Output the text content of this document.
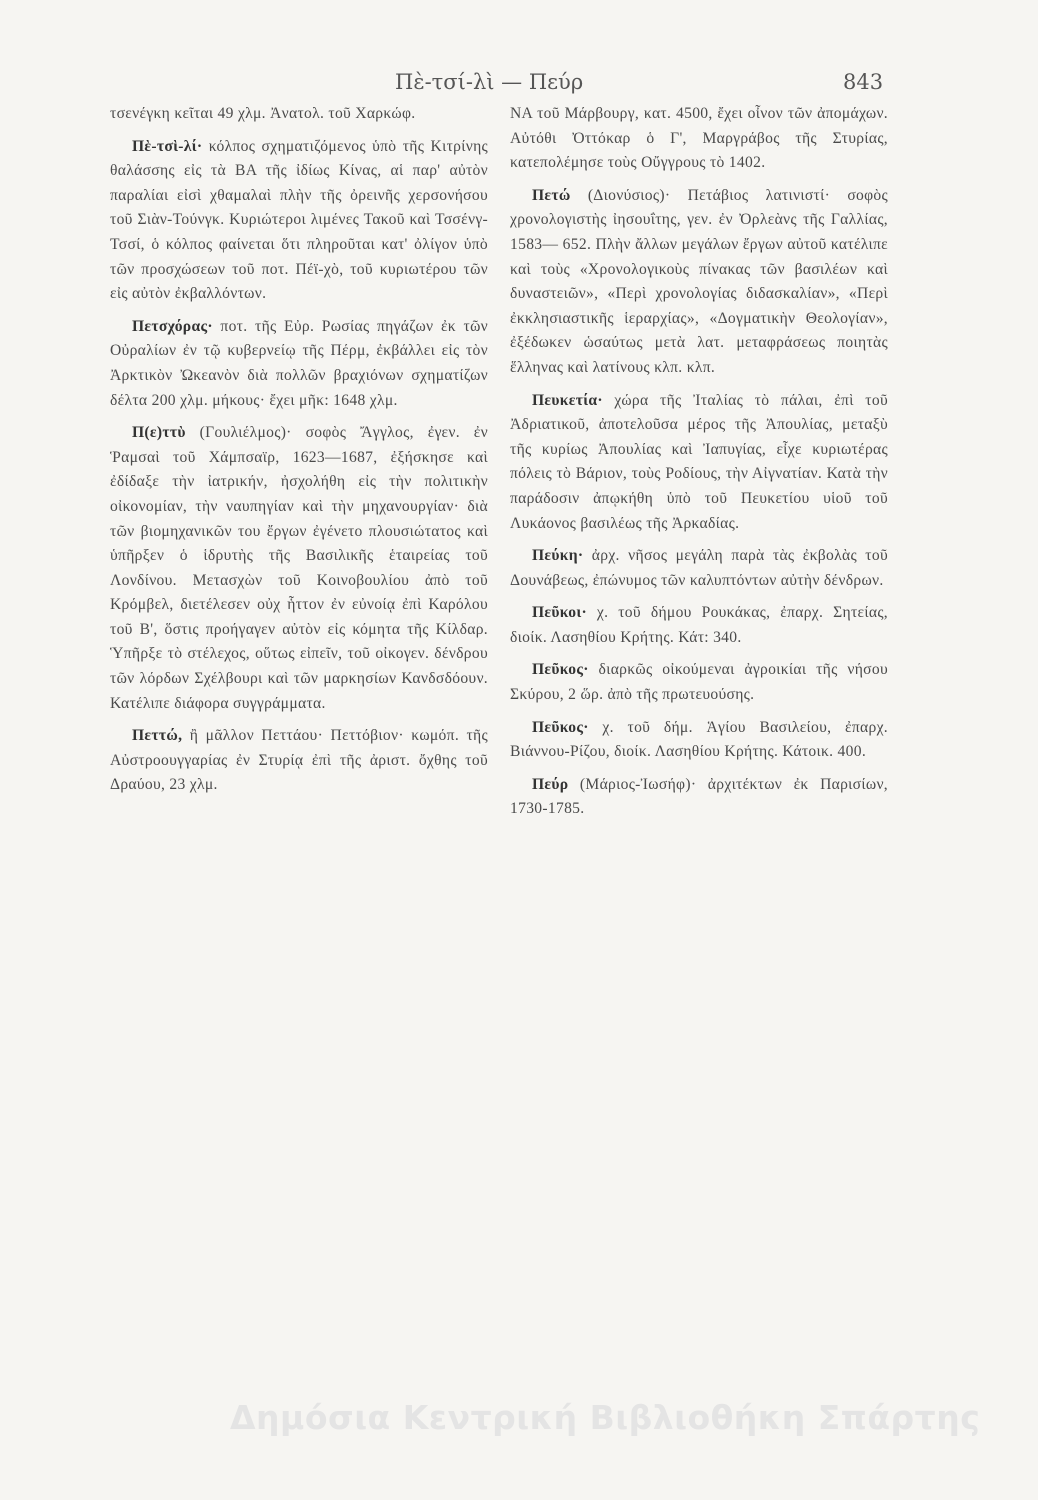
Πὲ-τσί-λὶ — Πεύρ	843

τσενέγκη κεῖται 49 χλμ. Ἀνατολ. τοῦ Χαρκώφ.

Πὲ-τσὶ-λί· κόλπος σχηματιζόμενος ὑπὸ τῆς Κιτρίνης θαλάσσης εἰς τὰ ΒΑ τῆς ἰδίως Κίνας, αἱ παρ' αὐτὸν παραλίαι εἰσὶ χθαμαλαὶ πλὴν τῆς ὀρεινῆς χερσονήσου τοῦ Σιὰν-Τούνγκ. Κυριώτεροι λιμένες Τακοῦ καὶ Τσσένγ-Τσσί, ὁ κόλπος φαίνεται ὅτι πληροῦται κατ' ὀλίγον ὑπὸ τῶν προσχώσεων τοῦ ποτ. Πέϊ-χὸ, τοῦ κυριωτέρου τῶν εἰς αὐτὸν ἐκβαλλόντων.

Πετσχόρας· ποτ. τῆς Εὐρ. Ρωσίας πηγάζων ἐκ τῶν Οὐραλίων ἐν τῷ κυβερνείῳ τῆς Πέρμ, ἐκβάλλει εἰς τὸν Ἀρκτικὸν Ὠκεανὸν διὰ πολλῶν βραχιόνων σχηματίζων δέλτα 200 χλμ. μήκους· ἔχει μῆκ: 1648 χλμ.

Π(ε)ττὺ (Γουλιέλμος)· σοφὸς Ἄγγλος, ἐγεν. ἐν Ῥαμσαὶ τοῦ Χάμπσαϊρ, 1623—1687, ἐξήσκησε καὶ ἐδίδαξε τὴν ἰατρικήν, ἠσχολήθη εἰς τὴν πολιτικὴν οἰκονομίαν, τὴν ναυπηγίαν καὶ τὴν μηχανουργίαν· διὰ τῶν βιομηχανικῶν του ἔργων ἐγένετο πλουσιώτατος καὶ ὑπῆρξεν ὁ ἱδρυτὴς τῆς Βασιλικῆς ἑταιρείας τοῦ Λονδίνου. Μετασχὼν τοῦ Κοινοβουλίου ἀπὸ τοῦ Κρόμβελ, διετέλεσεν οὐχ ἧττον ἐν εὐνοίᾳ ἐπὶ Καρόλου τοῦ Β', ὅστις προήγαγεν αὐτὸν εἰς κόμητα τῆς Κίλδαρ. Ὑπῆρξε τὸ στέλεχος, οὕτως εἰπεῖν, τοῦ οἰκογεν. δένδρου τῶν λόρδων Σχέλβουρι καὶ τῶν μαρκησίων Κανδσδόουν. Κατέλιπε διάφορα συγγράμματα.

Πεττώ, ἢ μᾶλλον Πεττάου· Πεττόβιον· κωμόπ. τῆς Αὐστροουγγαρίας ἐν Στυρίᾳ ἐπὶ τῆς ἀριστ. ὄχθης τοῦ Δραύου, 23 χλμ.

ΝΑ τοῦ Μάρβουργ, κατ. 4500, ἔχει οἶνον τῶν ἀπομάχων. Αὐτόθι Ὀττόκαρ ὁ Γ', Μαργράβος τῆς Στυρίας, κατεπολέμησε τοὺς Οὔγγρους τὸ 1402.

Πετώ (Διονύσιος)· Πετάβιος λατινιστί· σοφὸς χρονολογιστὴς ἰησουΐτης, γεν. ἐν Ὀρλεὰνς τῆς Γαλλίας, 1583— 652. Πλὴν ἄλλων μεγάλων ἔργων αὐτοῦ κατέλιπε καὶ τοὺς «Χρονολογικοὺς πίνακας τῶν βασιλέων καὶ δυναστειῶν», «Περὶ χρονολογίας διδασκαλίαν», «Περὶ ἐκκλησιαστικῆς ἱεραρχίας», «Δογματικὴν Θεολογίαν», ἐξέδωκεν ὡσαύτως μετὰ λατ. μεταφράσεως ποιητὰς ἕλληνας καὶ λατίνους κλπ. κλπ.

Πευκετία· χώρα τῆς Ἰταλίας τὸ πάλαι, ἐπὶ τοῦ Ἀδριατικοῦ, ἀποτελοῦσα μέρος τῆς Ἀπουλίας, μεταξὺ τῆς κυρίως Ἀπουλίας καὶ Ἰαπυγίας, εἶχε κυριωτέρας πόλεις τὸ Βάριον, τοὺς Ροδίους, τὴν Αἰγνατίαν. Κατὰ τὴν παράδοσιν ἀπῳκήθη ὑπὸ τοῦ Πευκετίου υἱοῦ τοῦ Λυκάονος βασιλέως τῆς Ἀρκαδίας.

Πεύκη· ἀρχ. νῆσος μεγάλη παρὰ τὰς ἐκβολὰς τοῦ Δουνάβεως, ἐπώνυμος τῶν καλυπτόντων αὐτὴν δένδρων.

Πεῦκοι· χ. τοῦ δήμου Ρουκάκας, ἐπαρχ. Σητείας, διοίκ. Λασηθίου Κρήτης. Κάτ: 340.

Πεῦκος· διαρκῶς οἰκούμεναι ἀγροικίαι τῆς νήσου Σκύρου, 2 ὥρ. ἀπὸ τῆς πρωτευούσης.

Πεῦκος· χ. τοῦ δήμ. Ἁγίου Βασιλείου, ἐπαρχ. Βιάννου-Ρίζου, διοίκ. Λασηθίου Κρήτης. Κάτοικ. 400.

Πεύρ (Μάριος-Ἰωσήφ)· ἀρχιτέκτων ἐκ Παρισίων, 1730-1785.

Δημόσια Κεντρική Βιβλιοθήκη Σπάρτης
